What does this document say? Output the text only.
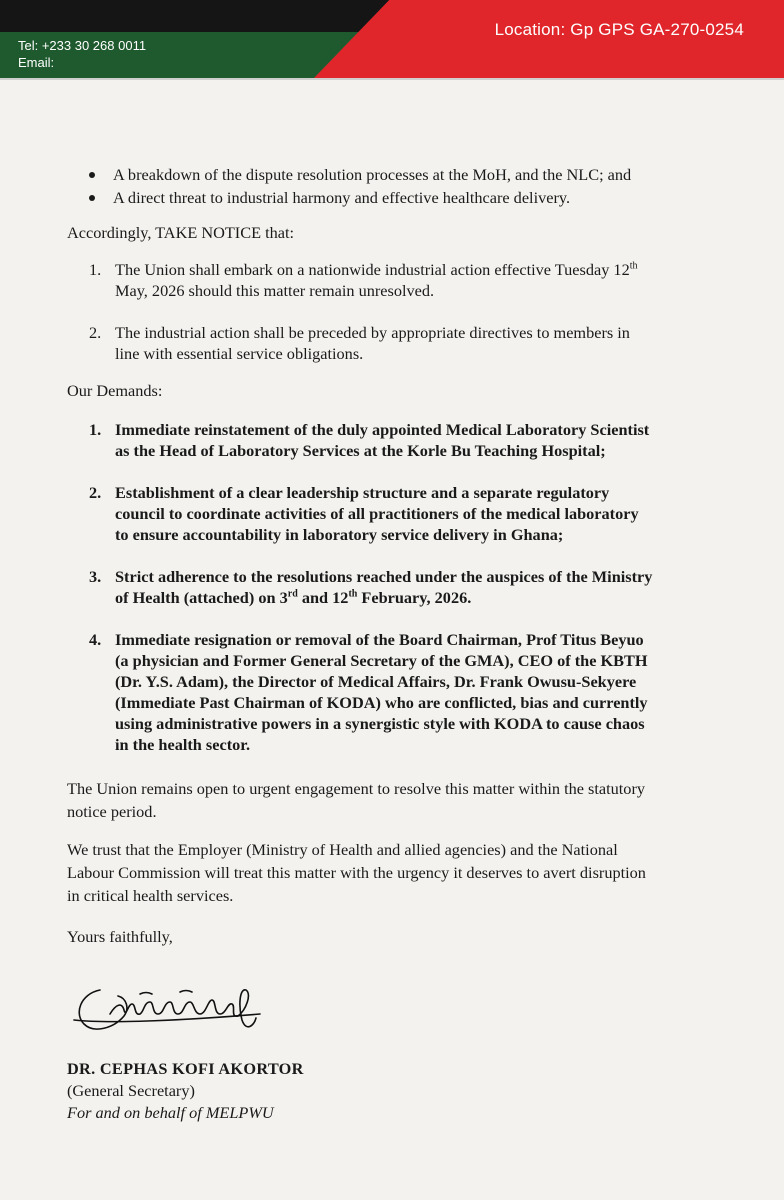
Tel: +233 30 268 0011
Email:
Location: Gp GPS GA-270-0254
A breakdown of the dispute resolution processes at the MoH, and the NLC; and
A direct threat to industrial harmony and effective healthcare delivery.

Accordingly, TAKE NOTICE that:

1. The Union shall embark on a nationwide industrial action effective Tuesday 12th
May, 2026 should this matter remain unresolved.
2. The industrial action shall be preceded by appropriate directives to members in
line with essential service obligations.

Our Demands:

1. Immediate reinstatement of the duly appointed Medical Laboratory Scientist
as the Head of Laboratory Services at the Korle Bu Teaching Hospital;
2. Establishment of a clear leadership structure and a separate regulatory
council to coordinate activities of all practitioners of the medical laboratory
to ensure accountability in laboratory service delivery in Ghana;
3. Strict adherence to the resolutions reached under the auspices of the Ministry
of Health (attached) on 3rd and 12th February, 2026.
4. Immediate resignation or removal of the Board Chairman, Prof Titus Beyuo
(a physician and Former General Secretary of the GMA), CEO of the KBTH
(Dr. Y.S. Adam), the Director of Medical Affairs, Dr. Frank Owusu-Sekyere
(Immediate Past Chairman of KODA) who are conflicted, bias and currently
using administrative powers in a synergistic style with KODA to cause chaos
in the health sector.
The Union remains open to urgent engagement to resolve this matter within the statutory
notice period.
We trust that the Employer (Ministry of Health and allied agencies) and the National
Labour Commission will treat this matter with the urgency it deserves to avert disruption
in critical health services.

Yours faithfully,

DR. CEPHAS KOFI AKORTOR
(General Secretary)
For and on behalf of MELPWU
